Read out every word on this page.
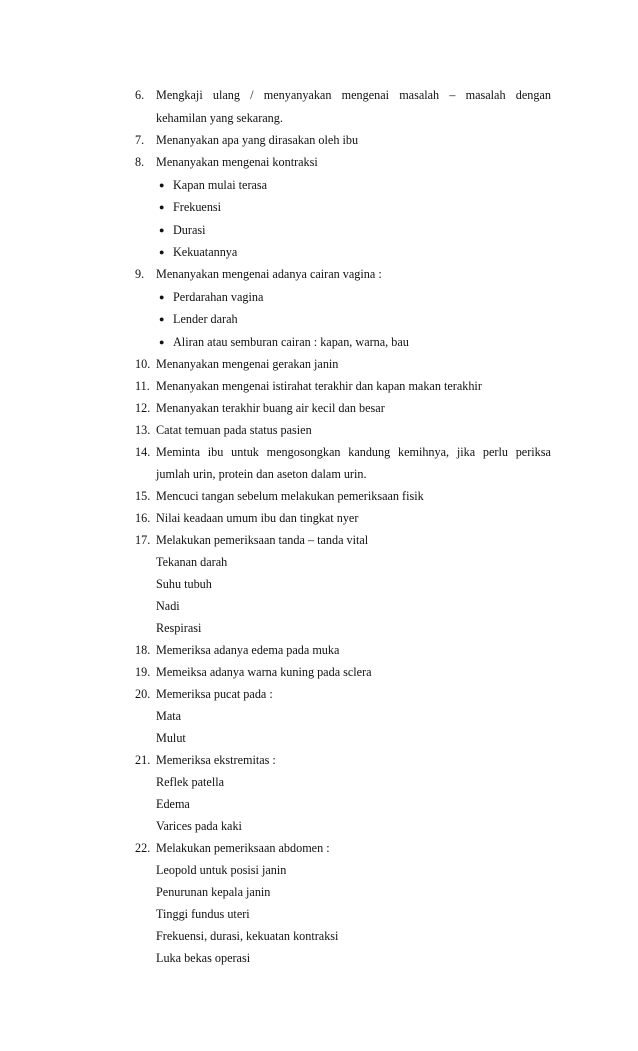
6. Mengkaji ulang / menyanyakan mengenai masalah – masalah dengan
kehamilan yang sekarang.
7. Menanyakan apa yang dirasakan oleh ibu
8. Menanyakan mengenai kontraksi
● Kapan mulai terasa
● Frekuensi
● Durasi
● Kekuatannya
9. Menanyakan mengenai adanya cairan vagina :
● Perdarahan vagina
● Lender darah
● Aliran atau semburan cairan : kapan, warna, bau
10. Menanyakan mengenai gerakan janin
11. Menanyakan mengenai istirahat terakhir dan kapan makan terakhir
12. Menanyakan terakhir buang air kecil dan besar
13. Catat temuan pada status pasien
14. Meminta ibu untuk mengosongkan kandung kemihnya, jika perlu periksa
jumlah urin, protein dan aseton dalam urin.
15. Mencuci tangan sebelum melakukan pemeriksaan fisik
16. Nilai keadaan umum ibu dan tingkat nyer
17. Melakukan pemeriksaan tanda – tanda vital
Tekanan darah
Suhu tubuh
Nadi
Respirasi
18. Memeriksa adanya edema pada muka
19. Memeiksa adanya warna kuning pada sclera
20. Memeriksa pucat pada :
Mata
Mulut
21. Memeriksa ekstremitas :
Reflek patella
Edema
Varices pada kaki
22. Melakukan pemeriksaan abdomen :
Leopold untuk posisi janin
Penurunan kepala janin
Tinggi fundus uteri
Frekuensi, durasi, kekuatan kontraksi
Luka bekas operasi
